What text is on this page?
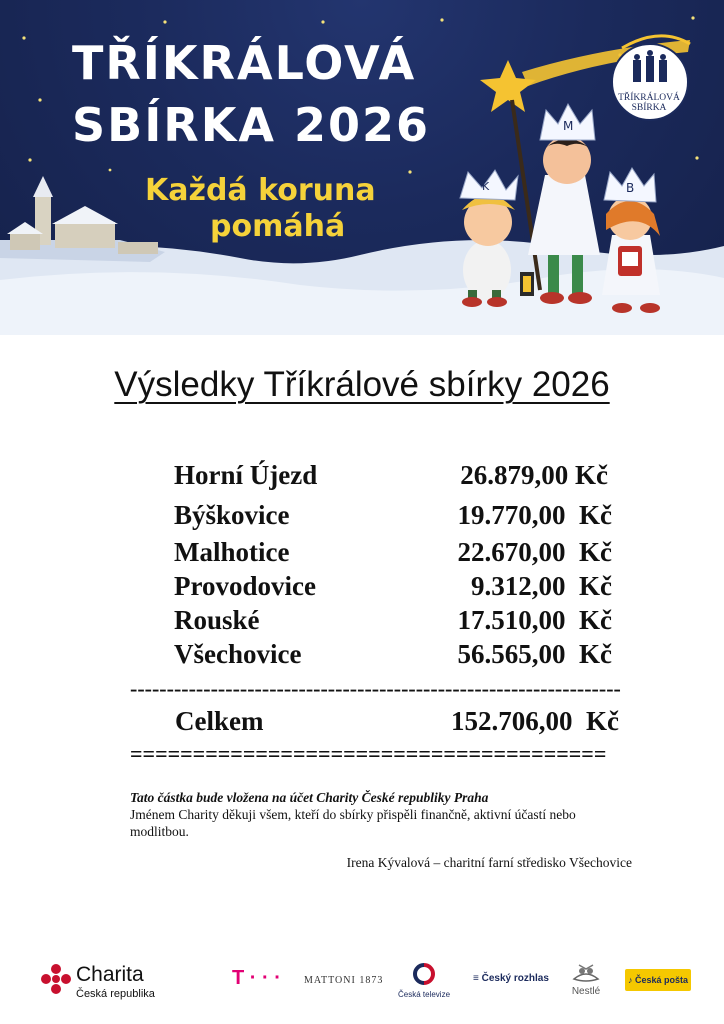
K
M
B
TŘÍKRÁLOVÁ
SBÍRKA 2026
Každá koruna
pomáhá
TŘÍKRÁLOVÁ
SBÍRKA
Výsledky Tříkrálové sbírky 2026
Horní Újezd	26.879,00 Kč
Býškovice	19.770,00  Kč
Malhotice	22.670,00  Kč
Provodovice	9.312,00  Kč
Rouské	17.510,00  Kč
Všechovice	56.565,00  Kč
-------------------------------------------------------------------
Celkem	152.706,00  Kč
======================================
Tato částka bude vložena na účet Charity České republiky Praha
Jménem Charity děkuji všem, kteří do sbírky přispěli finančně, aktivní účastí nebo modlitbou.
Irena Kývalová – charitní farní středisko Všechovice
Charita
Česká republika
T · · · MATTONI 1873
Česká televize
≡ Český rozhlas
Nestlé
♪ Česká pošta
